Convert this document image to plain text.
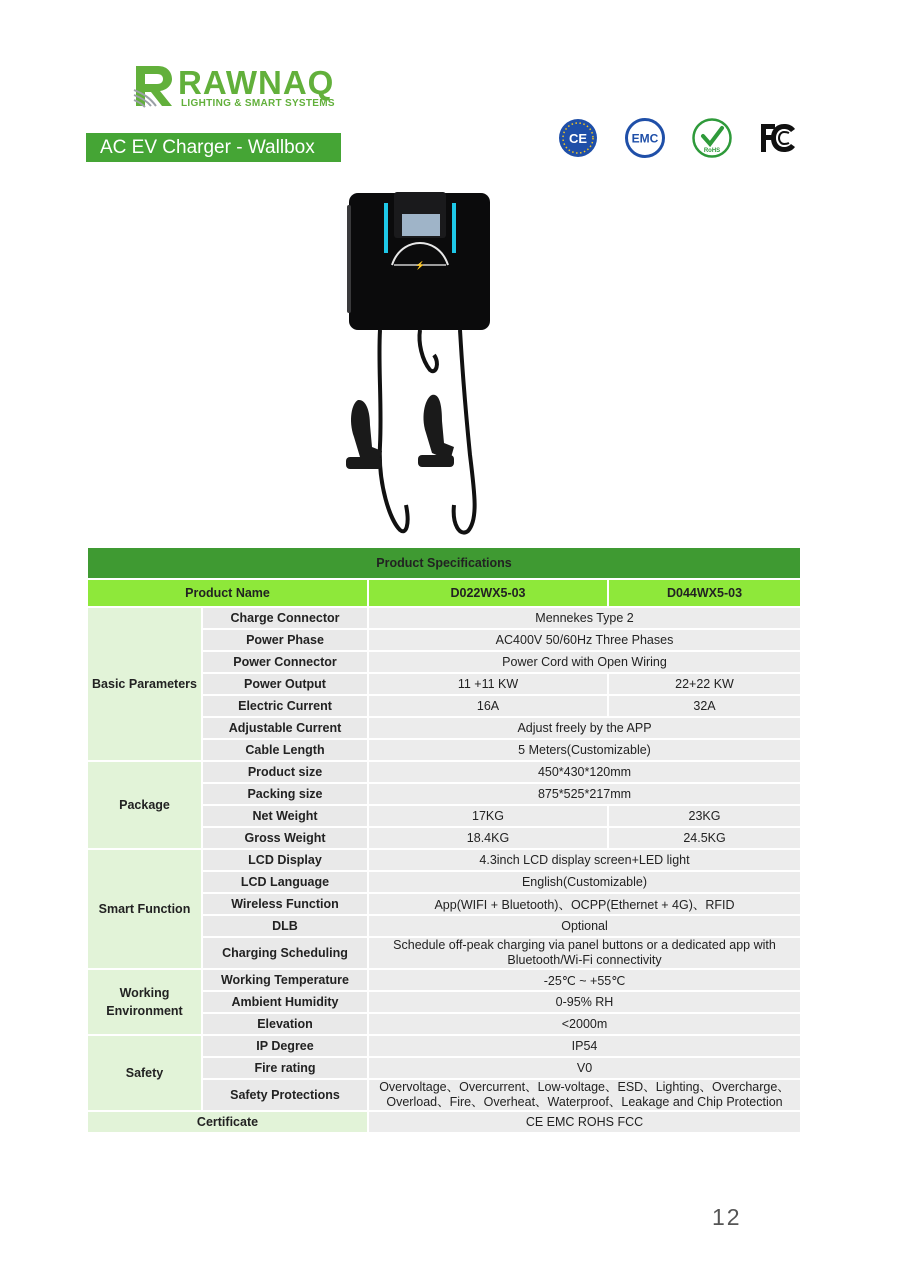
RAWNAQ
LIGHTING & SMART SYSTEMS
AC EV Charger - Wallbox	CE	EMC
RoHS
⚡
Product Specifications			
Product Name		D022WX5-03	D044WX5-03
Basic Parameters	Charge Connector	Mennekes Type 2	
	Power Phase	AC400V 50/60Hz Three Phases	
	Power Connector	Power Cord with Open Wiring	
	Power Output	11 +11 KW	22+22 KW
	Electric Current	16A	32A
	Adjustable Current	Adjust freely by the APP	
	Cable Length	5 Meters(Customizable)	
Package	Product size	450*430*120mm	
	Packing size	875*525*217mm	
	Net Weight	17KG	23KG
	Gross Weight	18.4KG	24.5KG
Smart Function	LCD Display	4.3inch LCD display screen+LED light	
	LCD Language	English(Customizable)	
	Wireless Function	App(WIFI + Bluetooth)、OCPP(Ethernet + 4G)、RFID	
	DLB	Optional	
	Charging Scheduling	Schedule off-peak charging via panel buttons or a dedicated app with Bluetooth/Wi-Fi connectivity	
Working Environment	Working Temperature	-25℃ ~ +55℃	
	Ambient Humidity	0-95% RH	
	Elevation	<2000m	
Safety	IP Degree	IP54	
	Fire rating	V0	
	Safety Protections	Overvoltage、Overcurrent、Low-voltage、ESD、Lighting、Overcharge、Overload、Fire、Overheat、Waterproof、Leakage and Chip Protection	
Certificate		CE EMC ROHS FCC	
12
